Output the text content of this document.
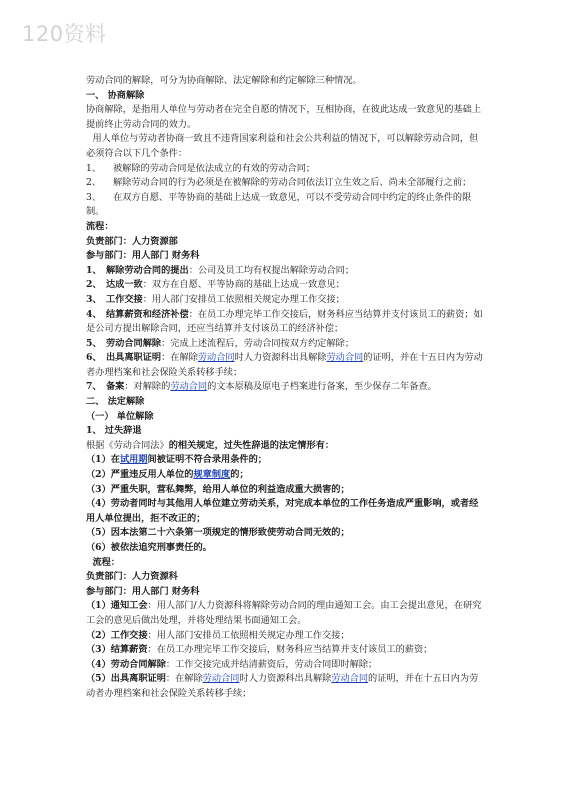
120资料

劳动合同的解除，可分为协商解除、法定解除和约定解除三种情况。

一、 协商解除

协商解除，是指用人单位与劳动者在完全自愿的情况下，互相协商，在彼此达成一致意见的基础上提前终止劳动合同的效力。

用人单位与劳动者协商一致且不违背国家利益和社会公共利益的情况下，可以解除劳动合同，但必须符合以下几个条件：

1、 被解除的劳动合同是依法成立的有效的劳动合同；

2、 解除劳动合同的行为必须是在被解除的劳动合同依法订立生效之后、尚未全部履行之前；

3、 在双方自愿、平等协商的基础上达成一致意见，可以不受劳动合同中约定的终止条件的限制。

流程：

负责部门：人力资源部

参与部门：用人部门 财务科

1、 解除劳动合同的提出：公司及员工均有权提出解除劳动合同；

2、 达成一致：双方在自愿、平等协商的基础上达成一致意见；

3、 工作交接：用人部门安排员工依照相关规定办理工作交接；

4、 结算薪资和经济补偿：在员工办理完毕工作交接后，财务科应当结算并支付该员工的薪资；如是公司方提出解除合同，还应当结算并支付该员工的经济补偿；

5、 劳动合同解除：完成上述流程后，劳动合同按双方约定解除；

6、 出具离职证明：在解除劳动合同时人力资源科出具解除劳动合同的证明，并在十五日内为劳动者办理档案和社会保险关系转移手续；

7、 备案：对解除的劳动合同的文本原稿及原电子档案进行备案，至少保存二年备查。

二、 法定解除

（一） 单位解除

1、 过失辞退

根据《劳动合同法》的相关规定，过失性辞退的法定情形有：

（1）在试用期间被证明不符合录用条件的；

（2）严重违反用人单位的规章制度的；

（3）严重失职，营私舞弊，给用人单位的利益造成重大损害的；

（4）劳动者同时与其他用人单位建立劳动关系，对完成本单位的工作任务造成严重影响，或者经用人单位提出，拒不改正的；

（5）因本法第二十六条第一项规定的情形致使劳动合同无效的；

（6）被依法追究刑事责任的。

流程：

负责部门：人力资源科

参与部门：用人部门 财务科

（1）通知工会：用人部门/人力资源科将解除劳动合同的理由通知工会。由工会提出意见，在研究工会的意见后做出处理，并将处理结果书面通知工会。

（2）工作交接：用人部门安排员工依照相关规定办理工作交接；

（3）结算薪资：在员工办理完毕工作交接后，财务科应当结算并支付该员工的薪资；

（4）劳动合同解除：工作交接完成并结清薪资后，劳动合同即时解除；

（5）出具离职证明：在解除劳动合同时人力资源科出具解除劳动合同的证明，并在十五日内为劳动者办理档案和社会保险关系转移手续；
